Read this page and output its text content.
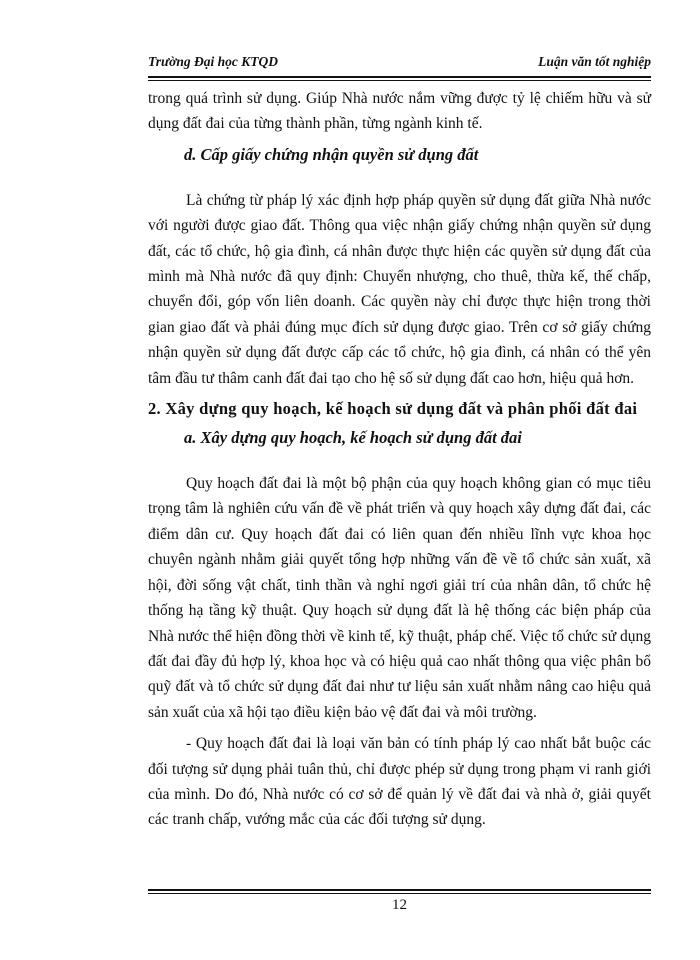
Trường Đại học KTQD	Luận văn tốt nghiệp

trong quá trình sử dụng. Giúp Nhà nước nắm vững được tỷ lệ chiếm hữu và sử dụng đất đai của từng thành phần, từng ngành kinh tế.

d. Cấp giấy chứng nhận quyền sử dụng đất

Là chứng từ pháp lý xác định hợp pháp quyền sử dụng đất giữa Nhà nước với người được giao đất. Thông qua việc nhận giấy chứng nhận quyền sử dụng đất, các tổ chức, hộ gia đình, cá nhân được thực hiện các quyền sử dụng đất của mình mà Nhà nước đã quy định: Chuyển nhượng, cho thuê, thừa kế, thế chấp, chuyển đổi, góp vốn liên doanh. Các quyền này chỉ được thực hiện trong thời gian giao đất và phải đúng mục đích sử dụng được giao. Trên cơ sở giấy chứng nhận quyền sử dụng đất được cấp các tổ chức, hộ gia đình, cá nhân có thể yên tâm đầu tư thâm canh đất đai tạo cho hệ số sử dụng đất cao hơn, hiệu quả hơn.

2. Xây dựng quy hoạch, kế hoạch sử dụng đất và phân phối đất đai
a. Xây dựng quy hoạch, kế hoạch sử dụng đất đai

Quy hoạch đất đai là một bộ phận của quy hoạch không gian có mục tiêu trọng tâm là nghiên cứu vấn đề về phát triển và quy hoạch xây dựng đất đai, các điểm dân cư. Quy hoạch đất đai có liên quan đến nhiều lĩnh vực khoa học chuyên ngành nhằm giải quyết tổng hợp những vấn đề về tổ chức sản xuất, xã hội, đời sống vật chất, tinh thần và nghỉ ngơi giải trí của nhân dân, tổ chức hệ thống hạ tầng kỹ thuật. Quy hoạch sử dụng đất là hệ thống các biện pháp của Nhà nước thể hiện đồng thời về kinh tế, kỹ thuật, pháp chế. Việc tổ chức sử dụng đất đai đầy đủ hợp lý, khoa học và có hiệu quả cao nhất thông qua việc phân bổ quỹ đất và tổ chức sử dụng đất đai như tư liệu sản xuất nhằm nâng cao hiệu quả sản xuất của xã hội tạo điều kiện bảo vệ đất đai và môi trường.

- Quy hoạch đất đai là loại văn bản có tính pháp lý cao nhất bắt buộc các đối tượng sử dụng phải tuân thủ, chỉ được phép sử dụng trong phạm vi ranh giới của mình. Do đó, Nhà nước có cơ sở để quản lý về đất đai và nhà ở, giải quyết các tranh chấp, vướng mắc của các đối tượng sử dụng.

12
